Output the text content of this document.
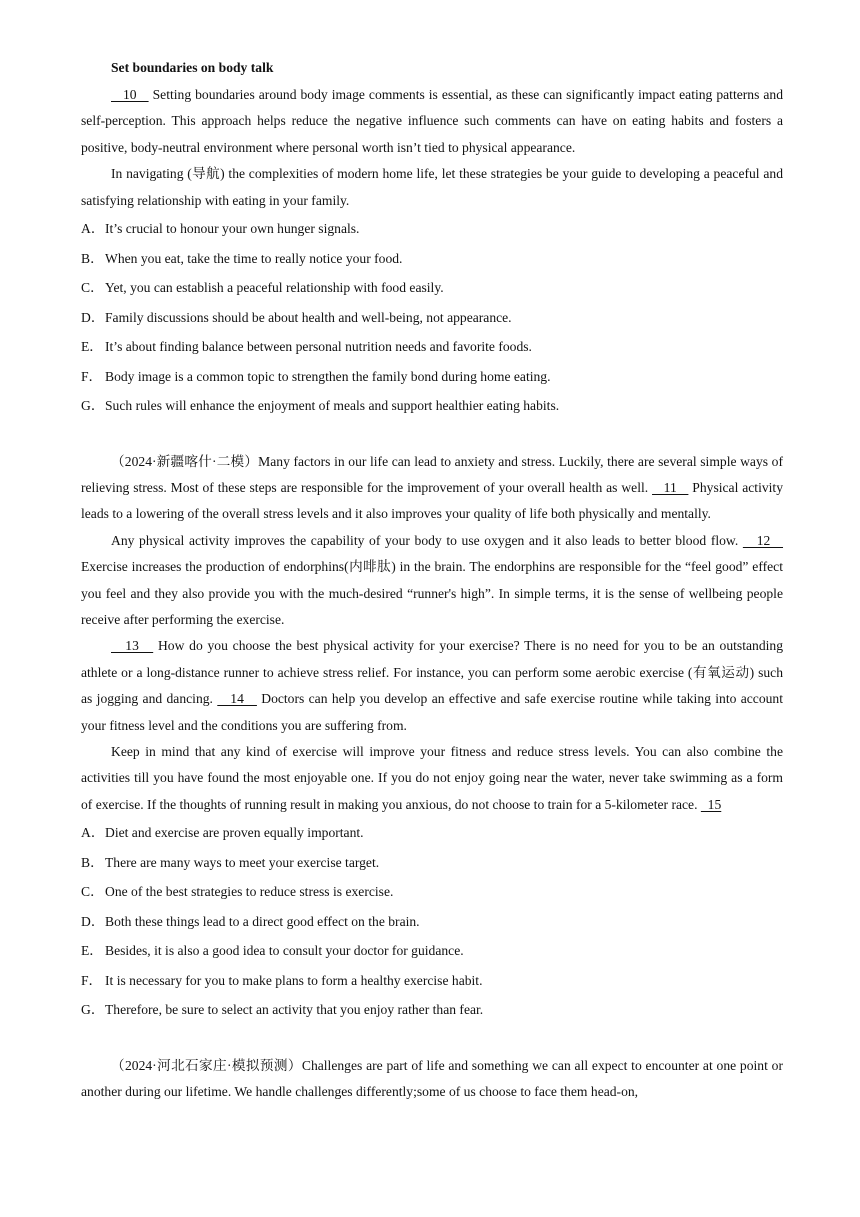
Set boundaries on body talk

10    Setting boundaries around body image comments is essential, as these can significantly impact eating patterns and self-perception. This approach helps reduce the negative influence such comments can have on eating habits and fosters a positive, body-neutral environment where personal worth isn’t tied to physical appearance.

In navigating (导航) the complexities of modern home life, let these strategies be your guide to developing a peaceful and satisfying relationship with eating in your family.

A． It’s crucial to honour your own hunger signals.
B． When you eat, take the time to really notice your food.
C． Yet, you can establish a peaceful relationship with food easily.
D． Family discussions should be about health and well-being, not appearance.
E． It’s about finding balance between personal nutrition needs and favorite foods.
F． Body image is a common topic to strengthen the family bond during home eating.
G． Such rules will enhance the enjoyment of meals and support healthier eating habits.

（2024·新疆喀什·二模）Many factors in our life can lead to anxiety and stress. Luckily, there are several simple ways of relieving stress. Most of these steps are responsible for the improvement of your overall health as well.    11    Physical activity leads to a lowering of the overall stress levels and it also improves your quality of life both physically and mentally.

Any physical activity improves the capability of your body to use oxygen and it also leads to better blood flow.    12    Exercise increases the production of endorphins(内啡肽) in the brain. The endorphins are responsible for the “feel good” effect you feel and they also provide you with the much-desired “runner's high”. In simple terms, it is the sense of wellbeing people receive after performing the exercise.

13    How do you choose the best physical activity for your exercise? There is no need for you to be an outstanding athlete or a long-distance runner to achieve stress relief. For instance, you can perform some aerobic exercise (有氧运动) such as jogging and dancing.    14    Doctors can help you develop an effective and safe exercise routine while taking into account your fitness level and the conditions you are suffering from.

Keep in mind that any kind of exercise will improve your fitness and reduce stress levels. You can also combine the activities till you have found the most enjoyable one. If you do not enjoy going near the water, never take swimming as a form of exercise. If the thoughts of running result in making you anxious, do not choose to train for a 5-kilometer race.   15

A． Diet and exercise are proven equally important.
B． There are many ways to meet your exercise target.
C． One of the best strategies to reduce stress is exercise.
D． Both these things lead to a direct good effect on the brain.
E． Besides, it is also a good idea to consult your doctor for guidance.
F． It is necessary for you to make plans to form a healthy exercise habit.
G． Therefore, be sure to select an activity that you enjoy rather than fear.

（2024·河北石家庄·模拟预测）Challenges are part of life and something we can all expect to encounter at one point or another during our lifetime. We handle challenges differently;some of us choose to face them head-on,
